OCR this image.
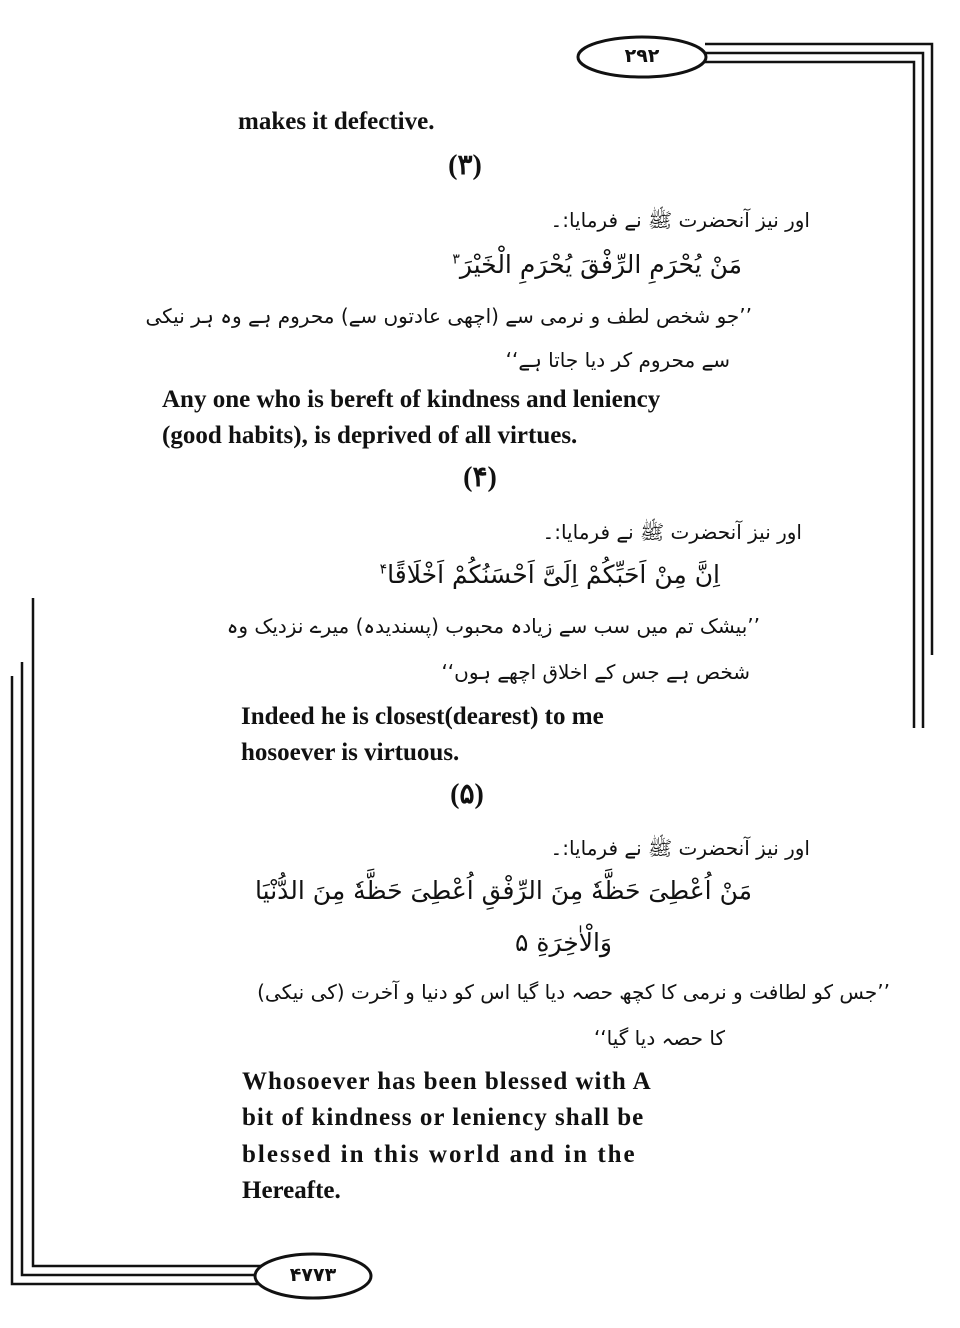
۲۹۲
۴۷۷۳

makes it defective.

(۳)

اور نیز آنحضرت ﷺ نے فرمایا:۔

مَنْ يُحْرَمِ الرِّفْقَ يُحْرَمِ الْخَيْرَ$^۳$

’’جو شخص لطف و نرمی سے (اچھی عادتوں سے) محروم ہے وہ ہر نیکی

سے محروم کر دیا جاتا ہے‘‘

Any one who is bereft of kindness and leniency

(good habits), is deprived of all virtues.

(۴)

اور نیز آنحضرت ﷺ نے فرمایا:۔

اِنَّ مِنْ اَحَبِّكُمْ اِلَىَّ اَحْسَنُكُمْ اَخْلَاقًا$^۴$

’’بیشک تم میں سب سے زیادہ محبوب (پسندیدہ) میرے نزدیک وہ

شخص ہے جس کے اخلاق اچھے ہوں‘‘

Indeed he is closest(dearest) to me

hosoever is virtuous.

(۵)

اور نیز آنحضرت ﷺ نے فرمایا:۔

مَنْ اُعْطِىَ حَظَّهٗ مِنَ الرِّفْقِ اُعْطِىَ حَظَّهٗ مِنَ الدُّنْيَا

وَالْاٰخِرَةِ ۵

’’جس کو لطافت و نرمی کا کچھ حصہ دیا گیا اس کو دنیا و آخرت (کی نیکی)

کا حصہ دیا گیا‘‘

Whosoever has been blessed with A

bit of kindness or leniency shall be

blessed in this world and in the

Hereafte.
